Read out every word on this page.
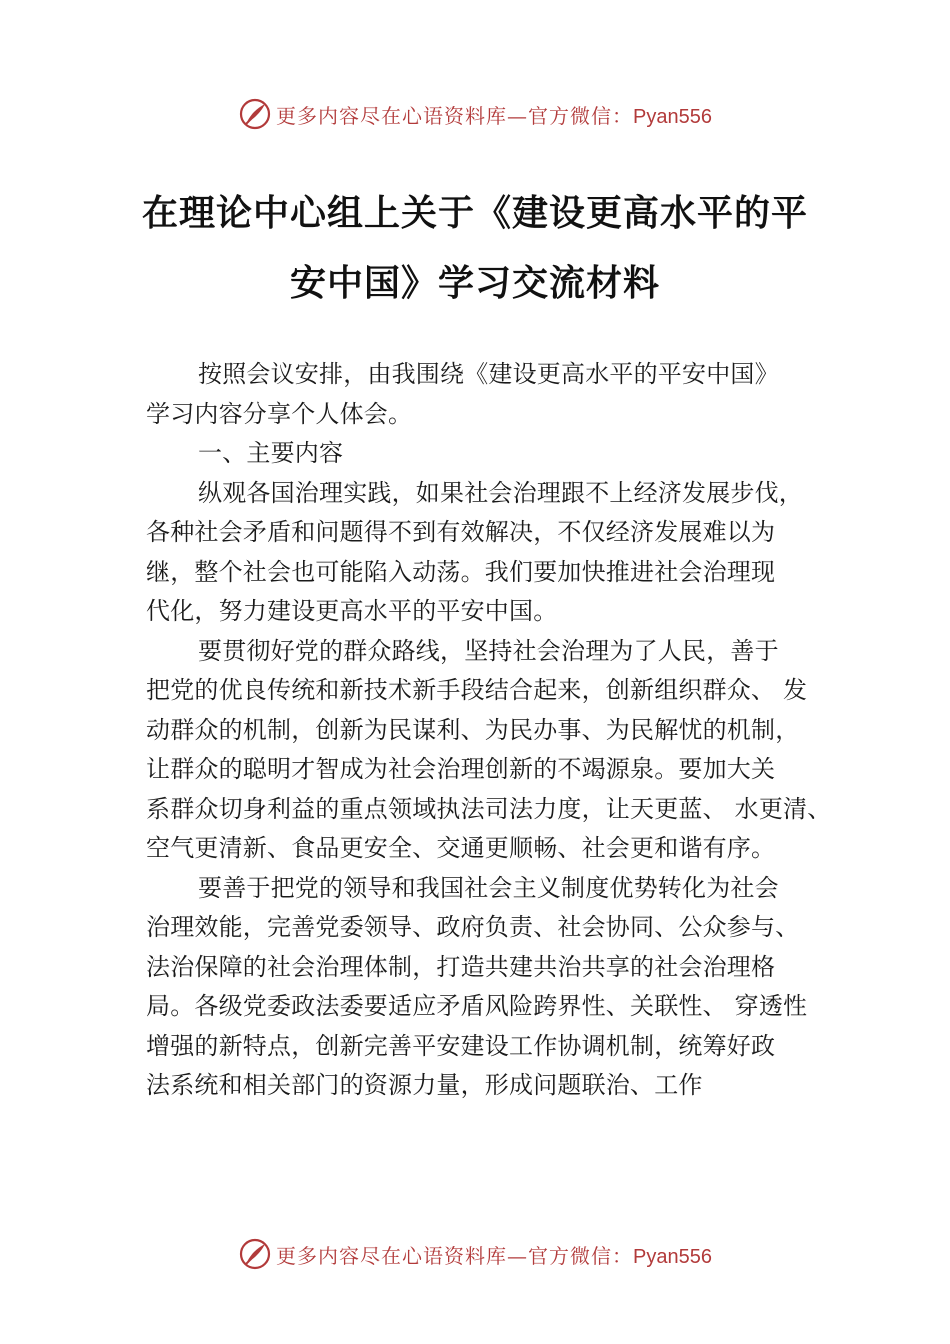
更多内容尽在心语资料库—官方微信：Pyan556
在理论中心组上关于《建设更高水平的平
安中国》学习交流材料
按照会议安排，由我围绕《建设更高水平的平安中国》
学习内容分享个人体会。
一、主要内容
纵观各国治理实践，如果社会治理跟不上经济发展步伐，
各种社会矛盾和问题得不到有效解决，不仅经济发展难以为
继，整个社会也可能陷入动荡。我们要加快推进社会治理现
代化，努力建设更高水平的平安中国。
要贯彻好党的群众路线，坚持社会治理为了人民，善于
把党的优良传统和新技术新手段结合起来，创新组织群众、 发
动群众的机制，创新为民谋利、为民办事、为民解忧的机制，
让群众的聪明才智成为社会治理创新的不竭源泉。要加大关
系群众切身利益的重点领域执法司法力度，让天更蓝、 水更清、
空气更清新、食品更安全、交通更顺畅、社会更和谐有序。
要善于把党的领导和我国社会主义制度优势转化为社会
治理效能，完善党委领导、政府负责、社会协同、公众参与、
法治保障的社会治理体制，打造共建共治共享的社会治理格
局。各级党委政法委要适应矛盾风险跨界性、关联性、 穿透性
增强的新特点，创新完善平安建设工作协调机制，统筹好政
法系统和相关部门的资源力量，形成问题联治、工作
更多内容尽在心语资料库—官方微信：Pyan556
